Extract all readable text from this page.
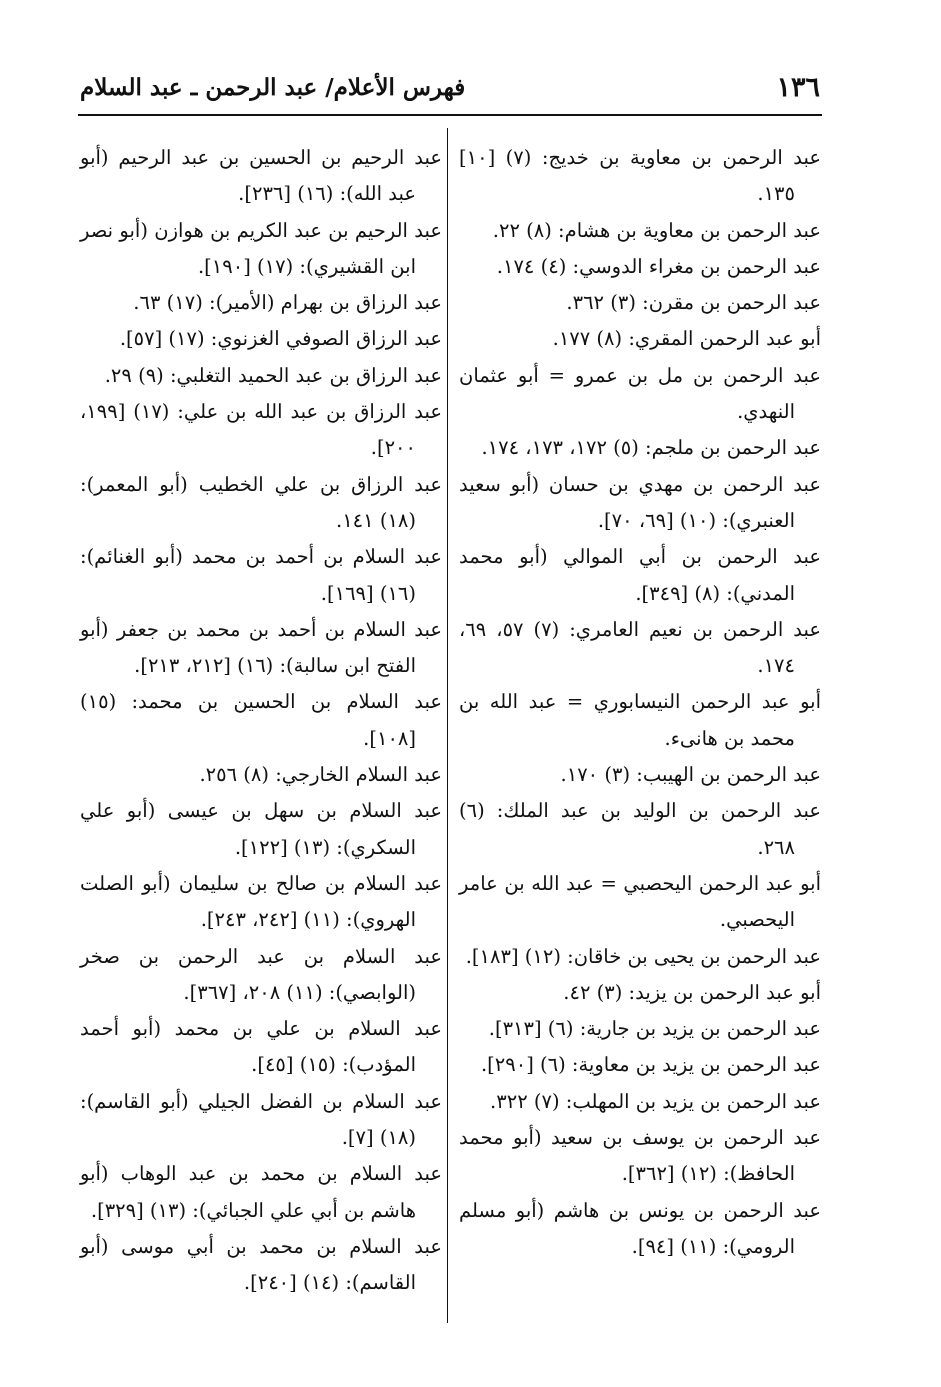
١٣٦
فهرس الأعلام/ عبد الرحمن ـ عبد السلام

عبد الرحمن بن معاوية بن خديج: (٧) [١٠] ١٣٥.

عبد الرحمن بن معاوية بن هشام: (٨) ٢٢.

عبد الرحمن بن مغراء الدوسي: (٤) ١٧٤.

عبد الرحمن بن مقرن: (٣) ٣٦٢.

أبو عبد الرحمن المقري: (٨) ١٧٧.

عبد الرحمن بن مل بن عمرو = أبو عثمان النهدي.

عبد الرحمن بن ملجم: (٥) ١٧٢، ١٧٣، ١٧٤.

عبد الرحمن بن مهدي بن حسان (أبو سعيد العنبري): (١٠) [٦٩، ٧٠].

عبد الرحمن بن أبي الموالي (أبو محمد المدني): (٨) [٣٤٩].

عبد الرحمن بن نعيم العامري: (٧) ٥٧، ٦٩، ١٧٤.

أبو عبد الرحمن النيسابوري = عبد الله بن محمد بن هانىء.

عبد الرحمن بن الهيبب: (٣) ١٧٠.

عبد الرحمن بن الوليد بن عبد الملك: (٦) ٢٦٨.

أبو عبد الرحمن اليحصبي = عبد الله بن عامر اليحصبي.

عبد الرحمن بن يحيى بن خاقان: (١٢) [١٨٣].

أبو عبد الرحمن بن يزيد: (٣) ٤٢.

عبد الرحمن بن يزيد بن جارية: (٦) [٣١٣].

عبد الرحمن بن يزيد بن معاوية: (٦) [٢٩٠].

عبد الرحمن بن يزيد بن المهلب: (٧) ٣٢٢.

عبد الرحمن بن يوسف بن سعيد (أبو محمد الحافظ): (١٢) [٣٦٢].

عبد الرحمن بن يونس بن هاشم (أبو مسلم الرومي): (١١) [٩٤].

عبد الرحيم بن الحسين بن عبد الرحيم (أبو عبد الله): (١٦) [٢٣٦].

عبد الرحيم بن عبد الكريم بن هوازن (أبو نصر ابن القشيري): (١٧) [١٩٠].

عبد الرزاق بن بهرام (الأمير): (١٧) ٦٣.

عبد الرزاق الصوفي الغزنوي: (١٧) [٥٧].

عبد الرزاق بن عبد الحميد التغلبي: (٩) ٢٩.

عبد الرزاق بن عبد الله بن علي: (١٧) [١٩٩، ٢٠٠].

عبد الرزاق بن علي الخطيب (أبو المعمر): (١٨) ١٤١.

عبد السلام بن أحمد بن محمد (أبو الغنائم): (١٦) [١٦٩].

عبد السلام بن أحمد بن محمد بن جعفر (أبو الفتح ابن سالبة): (١٦) [٢١٢، ٢١٣].

عبد السلام بن الحسين بن محمد: (١٥) [١٠٨].

عبد السلام الخارجي: (٨) ٢٥٦.

عبد السلام بن سهل بن عيسى (أبو علي السكري): (١٣) [١٢٢].

عبد السلام بن صالح بن سليمان (أبو الصلت الهروي): (١١) [٢٤٢، ٢٤٣].

عبد السلام بن عبد الرحمن بن صخر (الوابصي): (١١) ٢٠٨، [٣٦٧].

عبد السلام بن علي بن محمد (أبو أحمد المؤدب): (١٥) [٤٥].

عبد السلام بن الفضل الجيلي (أبو القاسم): (١٨) [٧].

عبد السلام بن محمد بن عبد الوهاب (أبو هاشم بن أبي علي الجبائي): (١٣) [٣٢٩].

عبد السلام بن محمد بن أبي موسى (أبو القاسم): (١٤) [٢٤٠].
